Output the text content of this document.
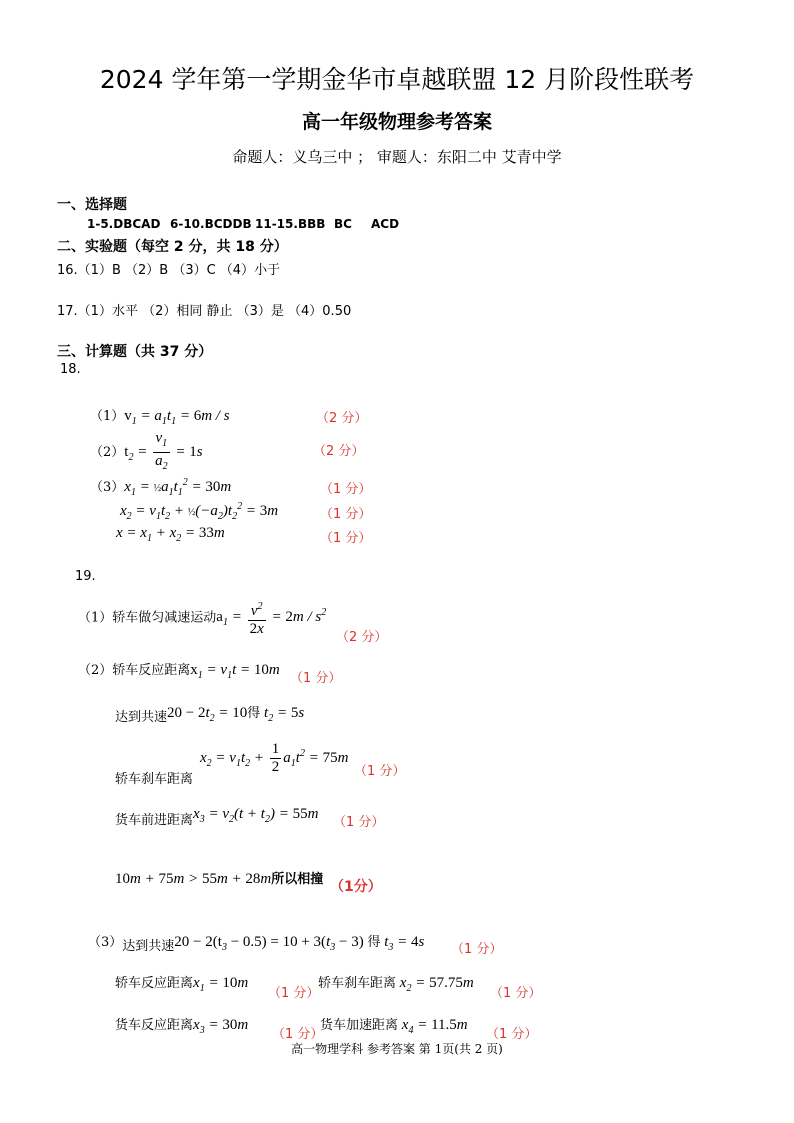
2024 学年第一学期金华市卓越联盟 12 月阶段性联考
高一年级物理参考答案
命题人：义乌三中 ； 审题人：东阳二中 艾青中学
一、选择题
1-5.DBCAD 6-10.BCDDB 11-15.BBB BC ACD
二、实验题（每空 2 分，共 18 分）
16.（1）B （2）B （3）C （4）小于
17.（1）水平 （2）相同 静止 （3）是 （4）0.50
三、计算题（共 37 分）
18.
$(1)v_1 = a_1t_1 = 6m / s$	（2 分）
$(2)t_2 = \frac{v_1}{a_2} = 1s$	（2 分）
$(3)x_1$ = $\frac{1}{2}a_1t_1^2 = 30m$	（1 分）
$x_2 = v_1t_2$ + $\frac{1}{2}(-a_2)t_2^2 = 3m$	（1 分）
$x = x_1 + x_2 = 33m$	（1 分）
19.
（1）轿车做匀减速运动$a_1 = \frac{v^2}{2x} = 2m / s^2$
（2 分）
（2）轿车反应距离$x_1 = v_1t = 10m$
（1 分）
$_{达到共速}20 - 2t_2 = 10$得 $t_2 = 5s$
$x_2 = v_1t_2 + \frac{1}{2} a_1t^2 = 75m$
（1 分）
轿车刹车距离
$_{货车前进距离}x_3 = v_2(t + t_2) = 55m$
（1 分）
10m + 75m > 55m + 28m所以相撞 （1分）
$(3)_{达到共速}20 - 2(t_3 - 0.5) = 10 + 3(t_3 - 3)$ 得 $t_3 = 4s$ （1 分）
轿车反应距离$x_1 = 10m$
（1 分）
轿车刹车距离 $x_2 = 57.75m$
（1 分）
货车反应距离$x_3 = 30m$
（1 分）
货车加速距离 $x_4 = 11.5m$
（1 分）
高一物理学科 参考答案 第 1页(共 2 页)
